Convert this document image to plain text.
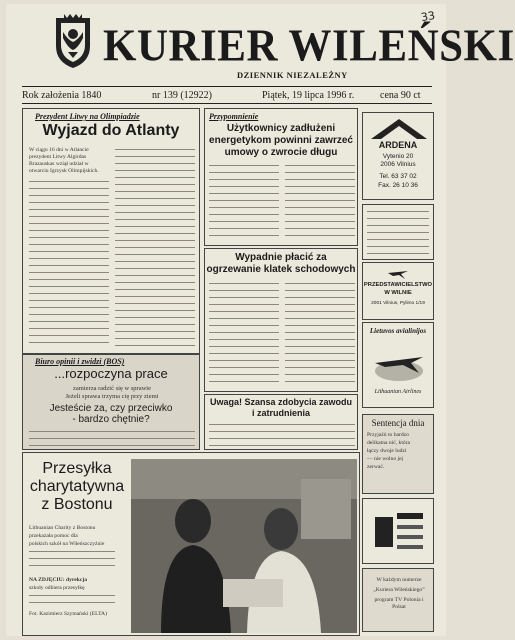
33
KURIER WILEŃSKI
DZIENNIK NIEZALEŻNY
Rok założenia 1840	nr 139 (12922)	Piątek, 19 lipca 1996 r.	cena 90 ct
Prezydent Litwy na Olimpiadzie
Wyjazd do Atlanty
W ciągu 16 dni w Atlancie prezydent Litwy Algirdas Brazauskas wziął udział w otwarciu Igrzysk Olimpijskich.
Biuro opinii i zwidzi (BOS)
...rozpoczyna prace
zamierza radzić się w sprawie
Jeżeli sprawa trzyma cię przy ziemi
Jesteście za, czy przeciwko
- bardzo chętnie?
Przesyłka
charytatywna
z Bostonu
Lithuanian Charity z Bostonu
przekazała pomoc dla
polskich szkół na Wileńszczyźnie
NA ZDJĘCIU: dyrekcja
szkoły odbiera przesyłkę
Fot. Kazimierz Szymański (ELTA)
Przypomnienie
Użytkownicy zadłużeni
energetykom powinni zawrzeć
umowy o zwrocie długu
Wypadnie płacić za
ogrzewanie klatek schodowych
Uwaga! Szansa zdobycia zawodu
i zatrudnienia
ARDENA
Vytenio 20
2006 Vilnius
Tel. 63 37 02
Fax. 26 10 36
PRZEDSTAWICIELSTWO
W WILNIE
2001 Vilnius, Pylimo 1/19
Lietuvos avialinijos
Lithuanian Airlines
Sentencja dnia
Przyjaźń to bardzo
delikatna nić, która
łączy dwoje ludzi
— nie wolno jej
zerwać.
W każdym numerze
„Kuriera Wileńskiego”
program TV Polonia i Polsat
